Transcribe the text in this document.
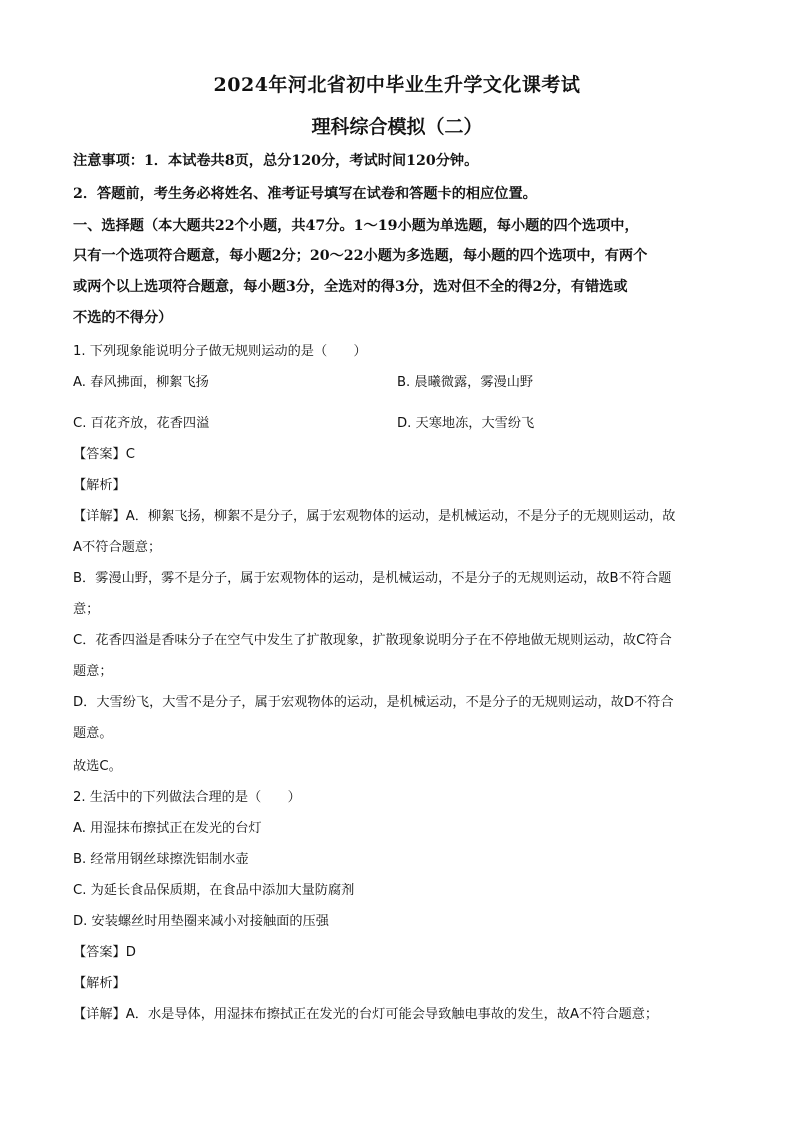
2024年河北省初中毕业生升学文化课考试
理科综合模拟（二）
注意事项：1．本试卷共8页，总分120分，考试时间120分钟。
2．答题前，考生务必将姓名、准考证号填写在试卷和答题卡的相应位置。
一、选择题（本大题共22个小题，共47分。1～19小题为单选题，每小题的四个选项中，
只有一个选项符合题意，每小题2分；20～22小题为多选题，每小题的四个选项中，有两个
或两个以上选项符合题意，每小题3分，全选对的得3分，选对但不全的得2分，有错选或
不选的不得分）
1. 下列现象能说明分子做无规则运动的是（　　）
A. 春风拂面，柳絮飞扬	B. 晨曦微露，雾漫山野
C. 百花齐放，花香四溢	D. 天寒地冻，大雪纷飞
【答案】C
【解析】
【详解】A．柳絮飞扬，柳絮不是分子，属于宏观物体的运动，是机械运动，不是分子的无规则运动，故
A不符合题意；
B．雾漫山野，雾不是分子，属于宏观物体的运动，是机械运动，不是分子的无规则运动，故B不符合题
意；
C．花香四溢是香味分子在空气中发生了扩散现象，扩散现象说明分子在不停地做无规则运动，故C符合
题意；
D．大雪纷飞，大雪不是分子，属于宏观物体的运动，是机械运动，不是分子的无规则运动，故D不符合
题意。
故选C。
2. 生活中的下列做法合理的是（　　）
A. 用湿抹布擦拭正在发光的台灯
B. 经常用钢丝球擦洗铝制水壶
C. 为延长食品保质期，在食品中添加大量防腐剂
D. 安装螺丝时用垫圈来减小对接触面的压强
【答案】D
【解析】
【详解】A．水是导体，用湿抹布擦拭正在发光的台灯可能会导致触电事故的发生，故A不符合题意；
